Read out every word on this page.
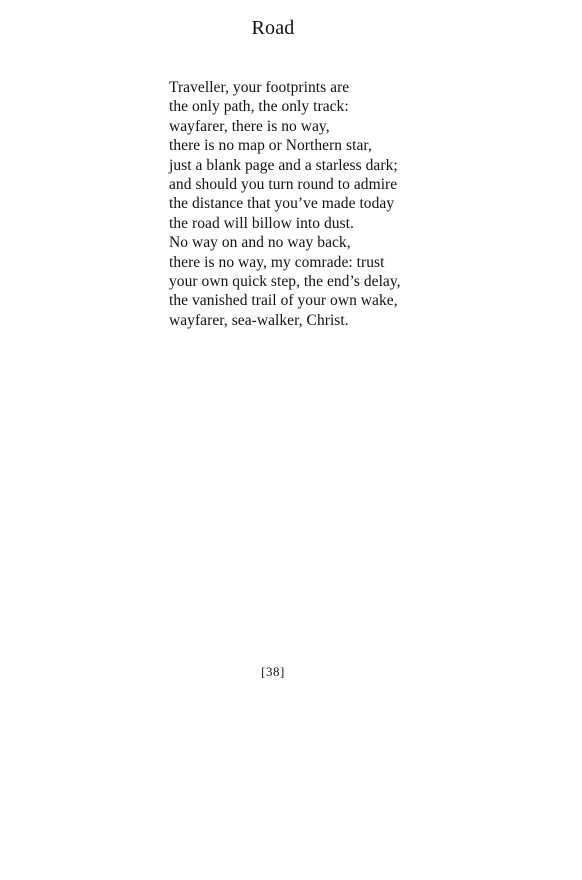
Road
Traveller, your footprints are
the only path, the only track:
wayfarer, there is no way,
there is no map or Northern star,
just a blank page and a starless dark;
and should you turn round to admire
the distance that you’ve made today
the road will billow into dust.
No way on and no way back,
there is no way, my comrade: trust
your own quick step, the end’s delay,
the vanished trail of your own wake,
wayfarer, sea-walker, Christ.
[38]
